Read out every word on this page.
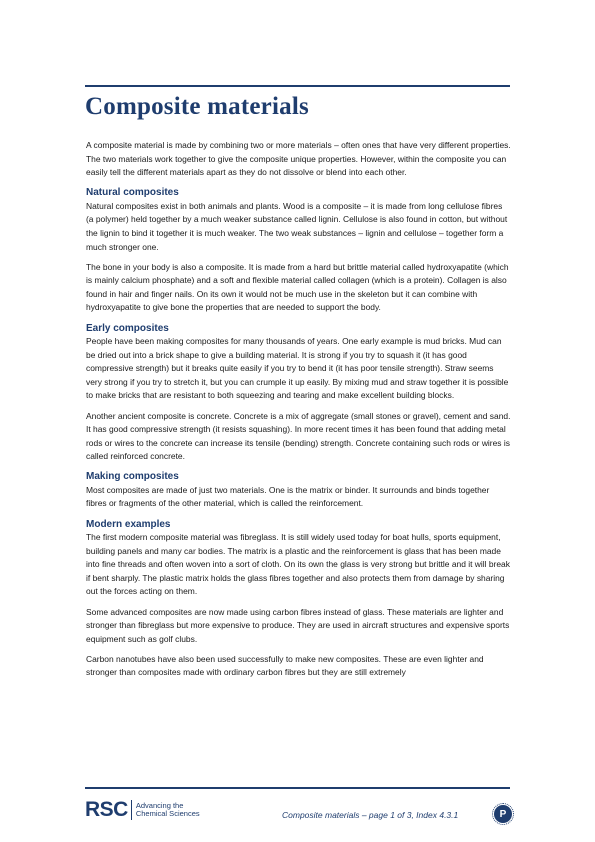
Composite materials

A composite material is made by combining two or more materials – often ones that have very different properties. The two materials work together to give the composite unique properties. However, within the composite you can easily tell the different materials apart as they do not dissolve or blend into each other.

Natural composites

Natural composites exist in both animals and plants. Wood is a composite – it is made from long cellulose fibres (a polymer) held together by a much weaker substance called lignin. Cellulose is also found in cotton, but without the lignin to bind it together it is much weaker. The two weak substances – lignin and cellulose – together form a much stronger one.

The bone in your body is also a composite. It is made from a hard but brittle material called hydroxyapatite (which is mainly calcium phosphate) and a soft and flexible material called collagen (which is a protein). Collagen is also found in hair and finger nails. On its own it would not be much use in the skeleton but it can combine with hydroxyapatite to give bone the properties that are needed to support the body.

Early composites

People have been making composites for many thousands of years. One early example is mud bricks. Mud can be dried out into a brick shape to give a building material. It is strong if you try to squash it (it has good compressive strength) but it breaks quite easily if you try to bend it (it has poor tensile strength). Straw seems very strong if you try to stretch it, but you can crumple it up easily. By mixing mud and straw together it is possible to make bricks that are resistant to both squeezing and tearing and make excellent building blocks.

Another ancient composite is concrete. Concrete is a mix of aggregate (small stones or gravel), cement and sand. It has good compressive strength (it resists squashing). In more recent times it has been found that adding metal rods or wires to the concrete can increase its tensile (bending) strength. Concrete containing such rods or wires is called reinforced concrete.

Making composites

Most composites are made of just two materials. One is the matrix or binder. It surrounds and binds together fibres or fragments of the other material, which is called the reinforcement.

Modern examples

The first modern composite material was fibreglass. It is still widely used today for boat hulls, sports equipment, building panels and many car bodies. The matrix is a plastic and the reinforcement is glass that has been made into fine threads and often woven into a sort of cloth. On its own the glass is very strong but brittle and it will break if bent sharply. The plastic matrix holds the glass fibres together and also protects them from damage by sharing out the forces acting on them.

Some advanced composites are now made using carbon fibres instead of glass. These materials are lighter and stronger than fibreglass but more expensive to produce. They are used in aircraft structures and expensive sports equipment such as golf clubs.

Carbon nanotubes have also been used successfully to make new composites. These are even lighter and stronger than composites made with ordinary carbon fibres but they are still extremely

RSC Advancing the
Chemical Sciences	Composite materials – page 1 of 3, Index 4.3.1	P
